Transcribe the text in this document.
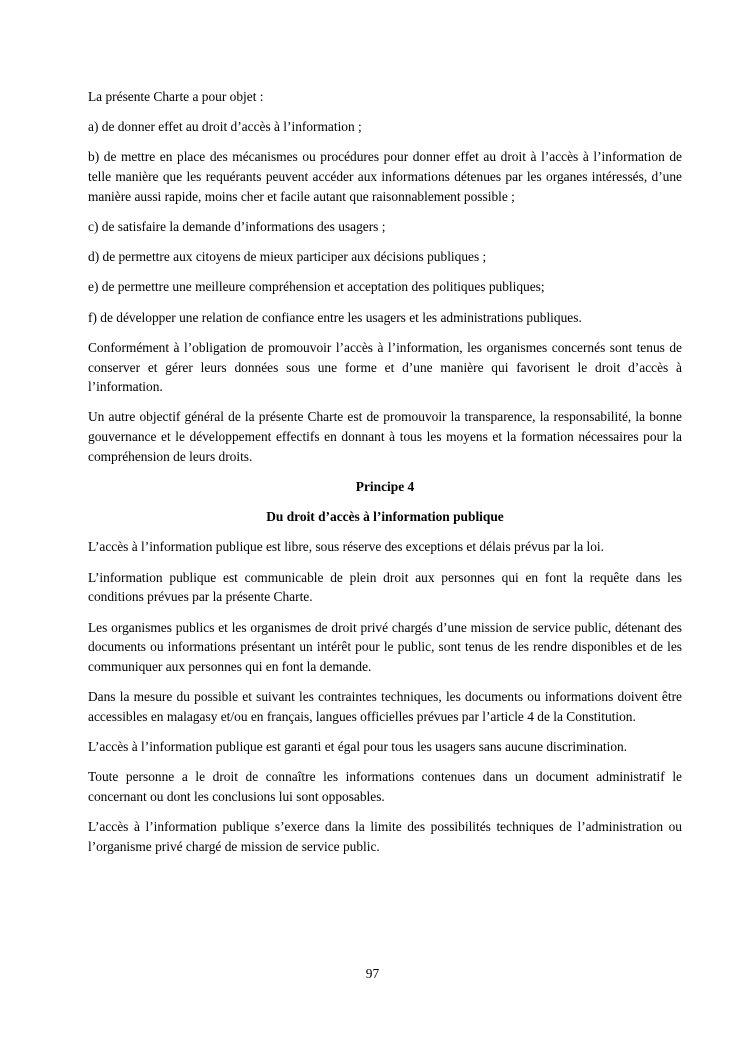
La présente Charte a pour objet :

a) de donner effet au droit d’accès à l’information ;

b) de mettre en place des mécanismes ou procédures pour donner effet au droit à l’accès à l’information de telle manière que les requérants peuvent accéder aux informations détenues par les organes intéressés, d’une manière aussi rapide, moins cher et facile autant que raisonnablement possible ;

c) de satisfaire la demande d’informations des usagers ;

d) de permettre aux citoyens de mieux participer aux décisions publiques ;

e) de permettre une meilleure compréhension et acceptation des politiques publiques;

f) de développer une relation de confiance entre les usagers et les administrations publiques.

Conformément à l’obligation de promouvoir l’accès à l’information, les organismes concernés sont tenus de conserver et gérer leurs données sous une forme et d’une manière qui favorisent le droit d’accès à l’information.

Un autre objectif général de la présente Charte est de promouvoir la transparence, la responsabilité, la bonne gouvernance et le développement effectifs en donnant à tous les moyens et la formation nécessaires pour la compréhension de leurs droits.

Principe 4

Du droit d’accès à l’information publique

L’accès à l’information publique est libre, sous réserve des exceptions et délais prévus par la loi.

L’information publique est communicable de plein droit aux personnes qui en font la requête dans les conditions prévues par la présente Charte.

Les organismes publics et les organismes de droit privé chargés d’une mission de service public, détenant des documents ou informations présentant un intérêt pour le public, sont tenus de les rendre disponibles et de les communiquer aux personnes qui en font la demande.

Dans la mesure du possible et suivant les contraintes techniques, les documents ou informations doivent être accessibles en malagasy et/ou en français, langues officielles prévues par l’article 4 de la Constitution.

L’accès à l’information publique est garanti et égal pour tous les usagers sans aucune discrimination.

Toute personne a le droit de connaître les informations contenues dans un document administratif le concernant ou dont les conclusions lui sont opposables.

L’accès à l’information publique s’exerce dans la limite des possibilités techniques de l’administration ou l’organisme privé chargé de mission de service public.

97
